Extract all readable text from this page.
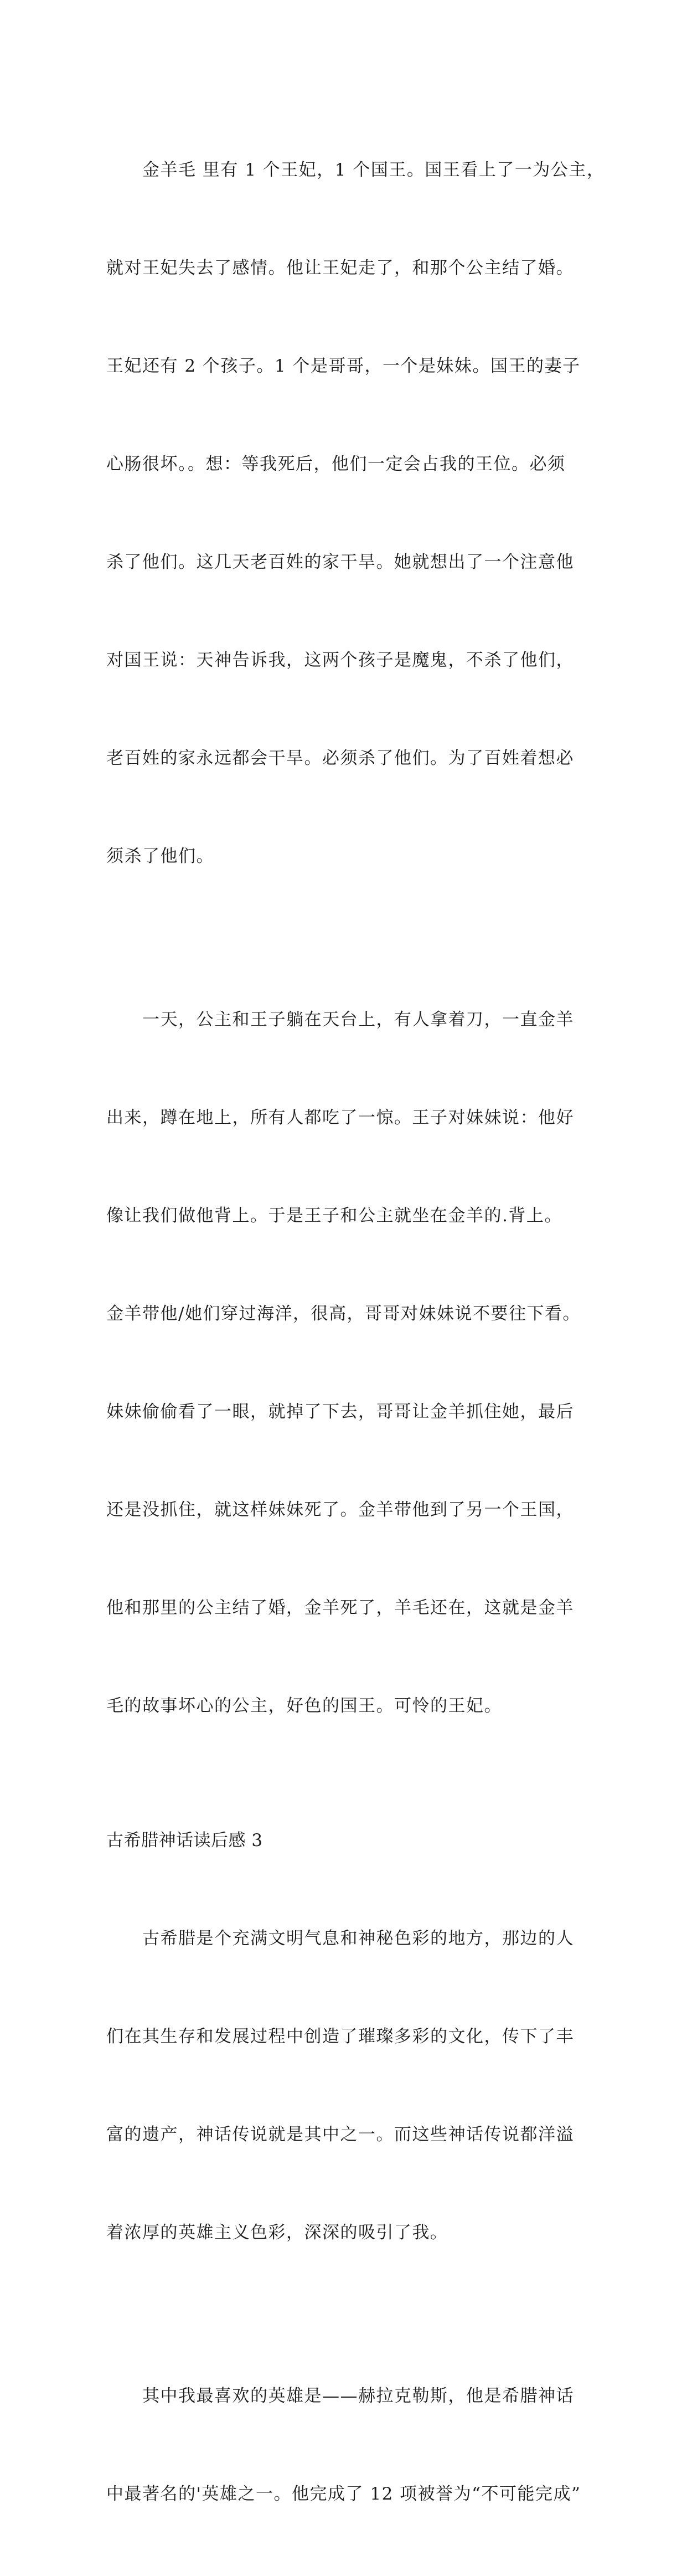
　　金羊毛 里有 1 个王妃，1 个国王。国王看上了一为公主，

就对王妃失去了感情。他让王妃走了，和那个公主结了婚。

王妃还有 2 个孩子。1 个是哥哥，一个是妹妹。国王的妻子

心肠很坏。。想：等我死后，他们一定会占我的王位。必须

杀了他们。这几天老百姓的家干旱。她就想出了一个注意他

对国王说：天神告诉我，这两个孩子是魔鬼，不杀了他们，

老百姓的家永远都会干旱。必须杀了他们。为了百姓着想必

须杀了他们。

　　一天，公主和王子躺在天台上，有人拿着刀，一直金羊

出来，蹲在地上，所有人都吃了一惊。王子对妹妹说：他好

像让我们做他背上。于是王子和公主就坐在金羊的.背上。

金羊带他/她们穿过海洋，很高，哥哥对妹妹说不要往下看。

妹妹偷偷看了一眼，就掉了下去，哥哥让金羊抓住她，最后

还是没抓住，就这样妹妹死了。金羊带他到了另一个王国，

他和那里的公主结了婚，金羊死了，羊毛还在，这就是金羊

毛的故事坏心的公主，好色的国王。可怜的王妃。

古希腊神话读后感 3

　　古希腊是个充满文明气息和神秘色彩的地方，那边的人

们在其生存和发展过程中创造了璀璨多彩的文化，传下了丰

富的遗产，神话传说就是其中之一。而这些神话传说都洋溢

着浓厚的英雄主义色彩，深深的吸引了我。

　　其中我最喜欢的英雄是——赫拉克勒斯，他是希腊神话

中最著名的'英雄之一。他完成了 12 项被誉为“不可能完成”
